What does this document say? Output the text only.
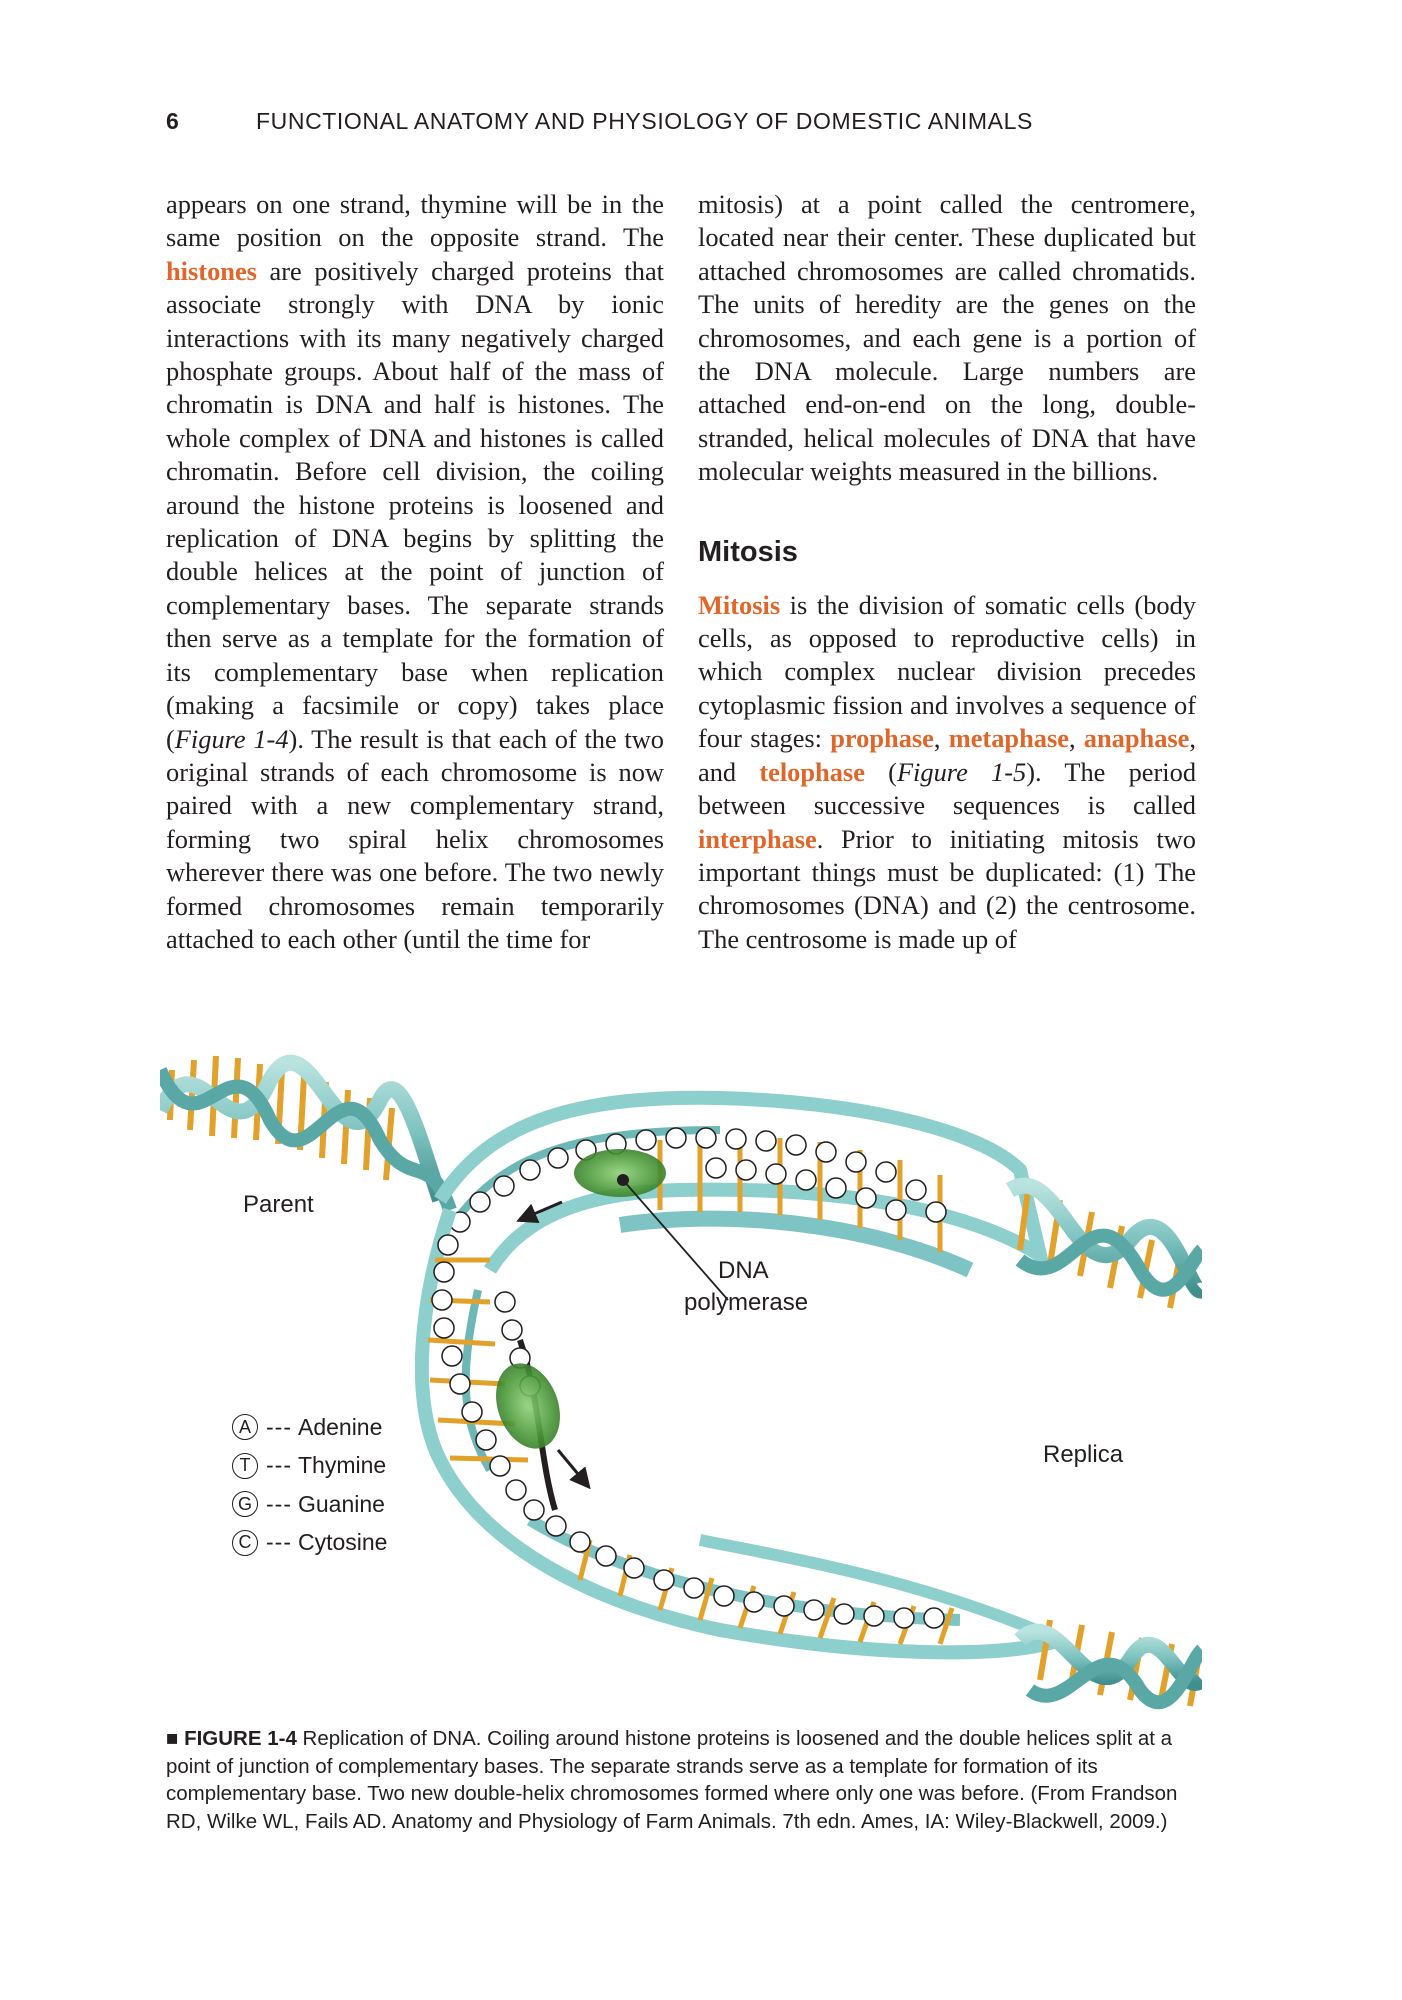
6	FUNCTIONAL ANATOMY AND PHYSIOLOGY OF DOMESTIC ANIMALS

appears on one strand, thymine will be in the same position on the opposite strand. The histones are positively charged proteins that associate strongly with DNA by ionic interactions with its many negatively charged phosphate groups. About half of the mass of chromatin is DNA and half is histones. The whole complex of DNA and histones is called chromatin. Before cell division, the coiling around the histone proteins is loosened and replication of DNA begins by splitting the double helices at the point of junction of complementary bases. The separate strands then serve as a template for the formation of its complementary base when replication (making a facsimile or copy) takes place (Figure 1-4). The result is that each of the two original strands of each chromosome is now paired with a new complementary strand, forming two spiral helix chromosomes wherever there was one before. The two newly formed chromosomes remain temporarily attached to each other (until the time for

mitosis) at a point called the centromere, located near their center. These duplicated but attached chromosomes are called chromatids. The units of heredity are the genes on the chromosomes, and each gene is a portion of the DNA molecule. Large numbers are attached end-on-end on the long, double-stranded, helical molecules of DNA that have molecular weights measured in the billions.

Mitosis

Mitosis is the division of somatic cells (body cells, as opposed to reproductive cells) in which complex nuclear division precedes cytoplasmic fission and involves a sequence of four stages: prophase, metaphase, anaphase, and telophase (Figure 1-5). The period between successive sequences is called interphase. Prior to initiating mitosis two important things must be duplicated: (1) The chromosomes (DNA) and (2) the centrosome. The centrosome is made up of

Parent
DNA
polymerase
Replica
A --- Adenine
T --- Thymine
G --- Guanine
C --- Cytosine
■ FIGURE 1-4 Replication of DNA. Coiling around histone proteins is loosened and the double helices split at a point of junction of complementary bases. The separate strands serve as a template for formation of its complementary base. Two new double-helix chromosomes formed where only one was before. (From Frandson RD, Wilke WL, Fails AD. Anatomy and Physiology of Farm Animals. 7th edn. Ames, IA: Wiley-Blackwell, 2009.)
